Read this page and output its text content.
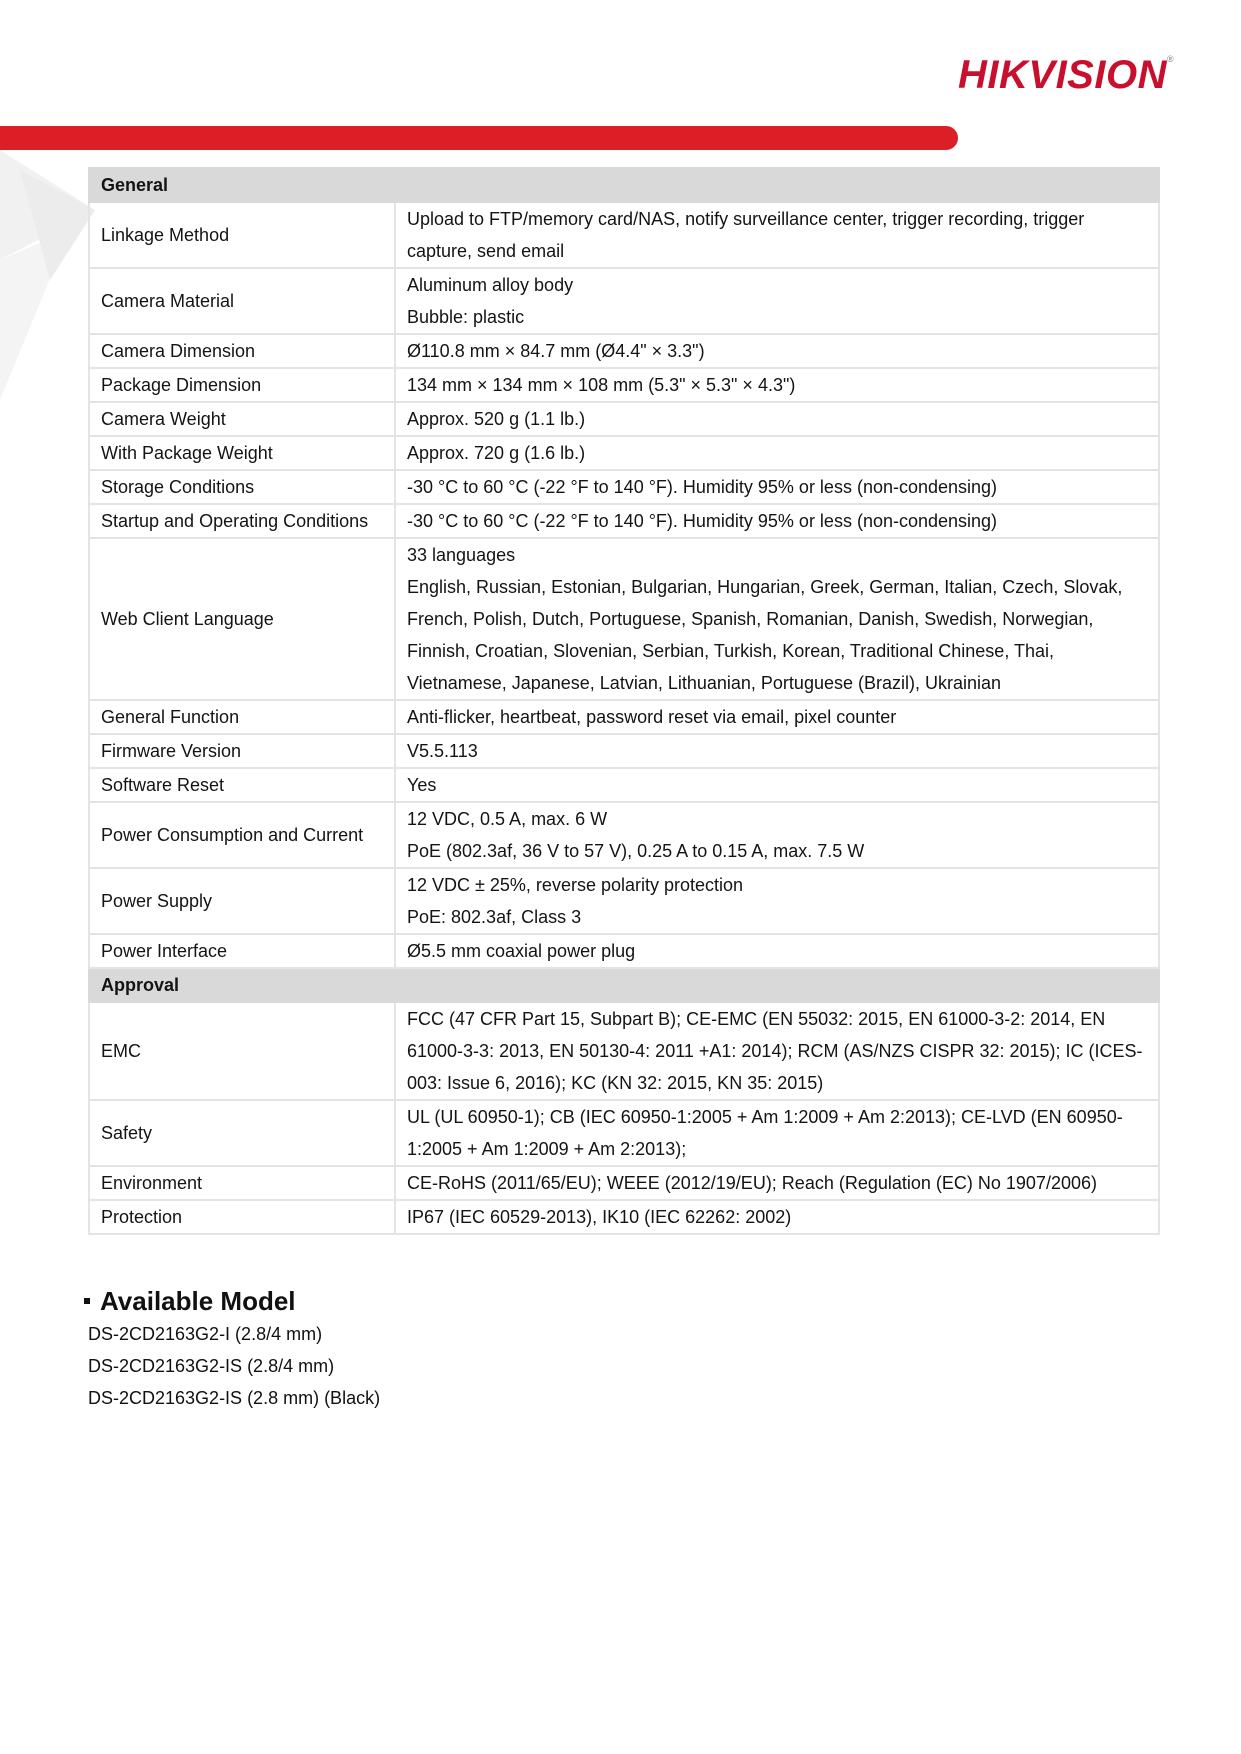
HIKVISION®
General	
Linkage Method	Upload to FTP/memory card/NAS, notify surveillance center, trigger recording, trigger capture, send email

Camera Material	Aluminum alloy body
Bubble: plastic

Camera Dimension	Ø110.8 mm × 84.7 mm (Ø4.4" × 3.3")

Package Dimension	134 mm × 134 mm × 108 mm (5.3" × 5.3" × 4.3")

Camera Weight	Approx. 520 g (1.1 lb.)

With Package Weight	Approx. 720 g (1.6 lb.)

Storage Conditions	-30 °C to 60 °C (-22 °F to 140 °F). Humidity 95% or less (non-condensing)

Startup and Operating Conditions	-30 °C to 60 °C (-22 °F to 140 °F). Humidity 95% or less (non-condensing)

Web Client Language	33 languages
English, Russian, Estonian, Bulgarian, Hungarian, Greek, German, Italian, Czech, Slovak, French, Polish, Dutch, Portuguese, Spanish, Romanian, Danish, Swedish, Norwegian, Finnish, Croatian, Slovenian, Serbian, Turkish, Korean, Traditional Chinese, Thai, Vietnamese, Japanese, Latvian, Lithuanian, Portuguese (Brazil), Ukrainian

General Function	Anti-flicker, heartbeat, password reset via email, pixel counter

Firmware Version	V5.5.113

Software Reset	Yes

Power Consumption and Current	12 VDC, 0.5 A, max. 6 W
PoE (802.3af, 36 V to 57 V), 0.25 A to 0.15 A, max. 7.5 W

Power Supply	12 VDC ± 25%, reverse polarity protection
PoE: 802.3af, Class 3

Power Interface	Ø5.5 mm coaxial power plug

Approval	
EMC	FCC (47 CFR Part 15, Subpart B); CE-EMC (EN 55032: 2015, EN 61000-3-2: 2014, EN 61000-3-3: 2013, EN 50130-4: 2011 +A1: 2014); RCM (AS/NZS CISPR 32: 2015); IC (ICES-003: Issue 6, 2016); KC (KN 32: 2015, KN 35: 2015)

Safety	UL (UL 60950-1); CB (IEC 60950-1:2005 + Am 1:2009 + Am 2:2013); CE-LVD (EN 60950-1:2005 + Am 1:2009 + Am 2:2013);

Environment	CE-RoHS (2011/65/EU); WEEE (2012/19/EU); Reach (Regulation (EC) No 1907/2006)

Protection	IP67 (IEC 60529-2013), IK10 (IEC 62262: 2002)
Available Model
DS-2CD2163G2-I (2.8/4 mm)
DS-2CD2163G2-IS (2.8/4 mm)
DS-2CD2163G2-IS (2.8 mm) (Black)
